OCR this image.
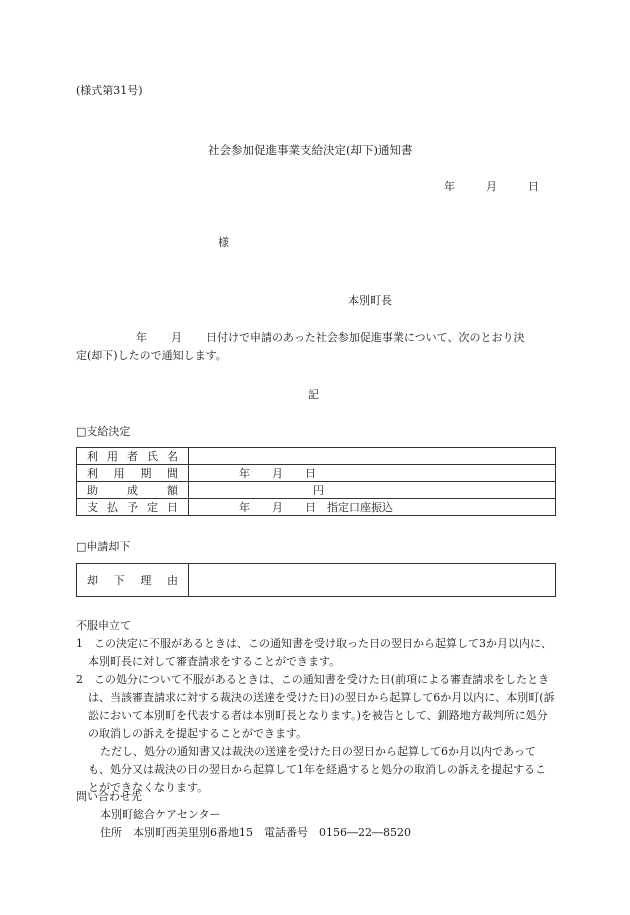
(様式第31号)
社会参加促進事業支給決定(却下)通知書
年	月	日
様
本別町長
年 月 日付けで申請のあった社会参加促進事業について、次のとおり決
定(却下)したので通知します。
記
□支給決定
利 用 者 氏 名	

利 用 期 間	年　　月　　日

助 成 額	円

支 払 予 定 日	年　　月　　日　指定口座振込
□申請却下
却 下 理 由

不服申立て
1　この決定に不服があるときは、この通知書を受け取った日の翌日から起算して3か月以内に、本別町長に対して審査請求をすることができます。
2　この処分について不服があるときは、この通知書を受けた日(前項による審査請求をしたときは、当該審査請求に対する裁決の送達を受けた日)の翌日から起算して6か月以内に、本別町(訴訟において本別町を代表する者は本別町長となります。)を被告として、釧路地方裁判所に処分の取消しの訴えを提起することができます。
ただし、処分の通知書又は裁決の送達を受けた日の翌日から起算して6か月以内であっても、処分又は裁決の日の翌日から起算して1年を経過すると処分の取消しの訴えを提起することができなくなります。
問い合わせ先
本別町総合ケアセンター
住所　本別町西美里別6番地15　電話番号　0156―22―8520
